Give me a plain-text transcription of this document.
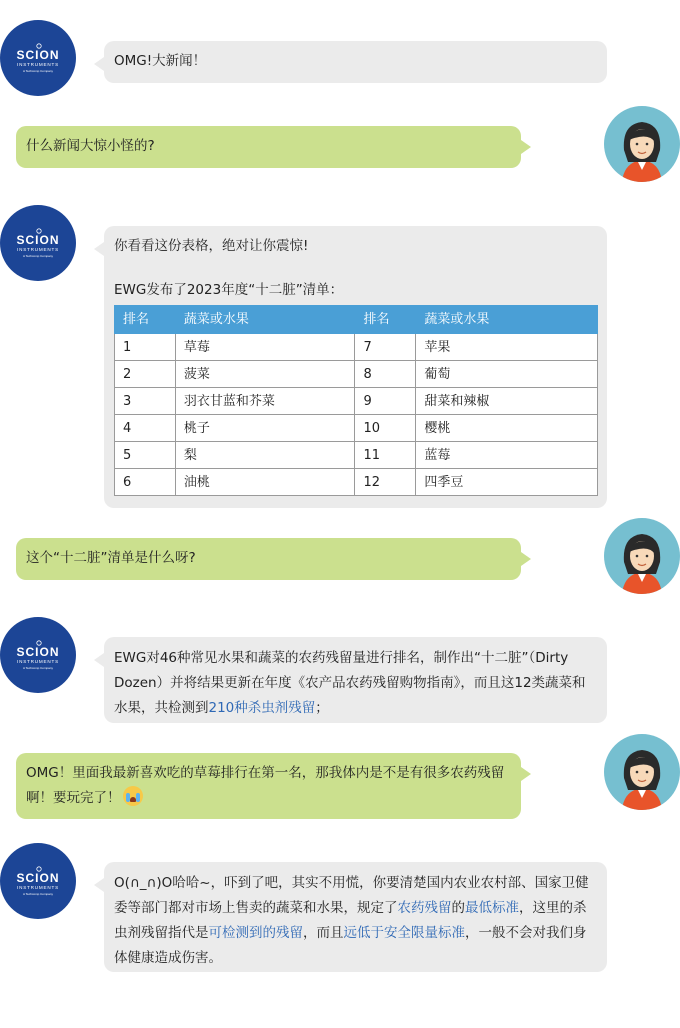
SCION
INSTRUMENTS
A Techcomp Company
OMG!大新闻！
什么新闻大惊小怪的?
SCION
INSTRUMENTS
A Techcomp Company
你看看这份表格，绝对让你震惊!
EWG发布了2023年度“十二脏”清单：
排名	蔬菜或水果	排名	蔬菜或水果
1	草莓	7	苹果
2	菠菜	8	葡萄
3	羽衣甘蓝和芥菜	9	甜菜和辣椒
4	桃子	10	樱桃
5	梨	11	蓝莓
6	油桃	12	四季豆
这个“十二脏”清单是什么呀?
SCION
INSTRUMENTS
A Techcomp Company
EWG对46种常见水果和蔬菜的农药残留量进行排名，制作出“十二脏”（Dirty Dozen）并将结果更新在年度《农产品农药残留购物指南》，而且这12类蔬菜和水果，共检测到210种杀虫剂残留；
OMG！里面我最新喜欢吃的草莓排行在第一名，那我体内是不是有很多农药残留啊！要玩完了！
SCION
INSTRUMENTS
A Techcomp Company
O(∩_∩)O哈哈~，吓到了吧，其实不用慌，你要清楚国内农业农村部、国家卫健委等部门都对市场上售卖的蔬菜和水果，规定了农药残留的最低标准，这里的杀虫剂残留指代是可检测到的残留，而且远低于安全限量标准，一般不会对我们身体健康造成伤害。
